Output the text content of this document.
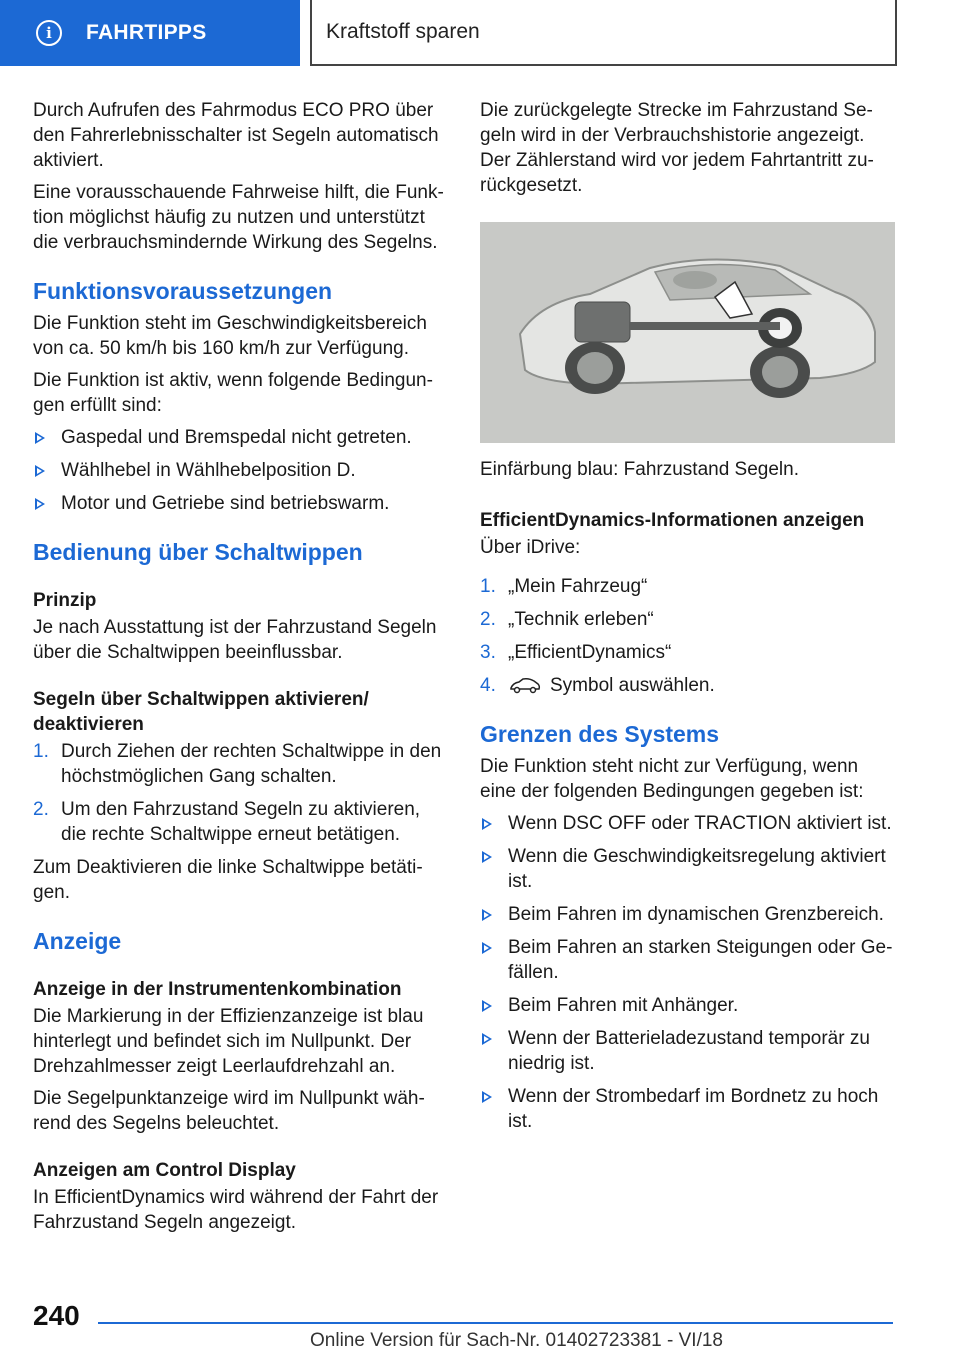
i	FAHRTIPPS	Kraftstoff sparen

Durch Aufrufen des Fahrmodus ECO PRO über den Fahrerlebnisschalter ist Segeln automatisch aktiviert.

Eine vorausschauende Fahrweise hilft, die Funktion möglichst häufig zu nutzen und unterstützt die verbrauchsmindernde Wirkung des Segelns.

Funktionsvoraussetzungen

Die Funktion steht im Geschwindigkeitsbereich von ca. 50 km/h bis 160 km/h zur Verfügung.

Die Funktion ist aktiv, wenn folgende Bedingungen erfüllt sind:

Gaspedal und Bremspedal nicht getreten.
Wählhebel in Wählhebelposition D.
Motor und Getriebe sind betriebswarm.
Bedienung über Schaltwippen
Prinzip

Je nach Ausstattung ist der Fahrzustand Segeln über die Schaltwippen beeinflussbar.

Segeln über Schaltwippen aktivieren/ deaktivieren
1. Durch Ziehen der rechten Schaltwippe in den höchstmöglichen Gang schalten.
2. Um den Fahrzustand Segeln zu aktivieren, die rechte Schaltwippe erneut betätigen.

Zum Deaktivieren die linke Schaltwippe betätigen.

Anzeige
Anzeige in der Instrumentenkombination

Die Markierung in der Effizienzanzeige ist blau hinterlegt und befindet sich im Nullpunkt. Der Drehzahlmesser zeigt Leerlaufdrehzahl an.

Die Segelpunktanzeige wird im Nullpunkt während des Segelns beleuchtet.

Anzeigen am Control Display

In EfficientDynamics wird während der Fahrt der Fahrzustand Segeln angezeigt.

Die zurückgelegte Strecke im Fahrzustand Segeln wird in der Verbrauchshistorie angezeigt. Der Zählerstand wird vor jedem Fahrtantritt zurückgesetzt.

Einfärbung blau: Fahrzustand Segeln.

EfficientDynamics-Informationen anzeigen

Über iDrive:

1. „Mein Fahrzeug“
2. „Technik erleben“
3. „EfficientDynamics“
4.	Symbol auswählen.
Grenzen des Systems

Die Funktion steht nicht zur Verfügung, wenn eine der folgenden Bedingungen gegeben ist:

Wenn DSC OFF oder TRACTION aktiviert ist.
Wenn die Geschwindigkeitsregelung aktiviert ist.
Beim Fahren im dynamischen Grenzbereich.
Beim Fahren an starken Steigungen oder Gefällen.
Beim Fahren mit Anhänger.
Wenn der Batterieladezustand temporär zu niedrig ist.
Wenn der Strombedarf im Bordnetz zu hoch ist.
240
Online Version für Sach-Nr. 01402723381 - VI/18
